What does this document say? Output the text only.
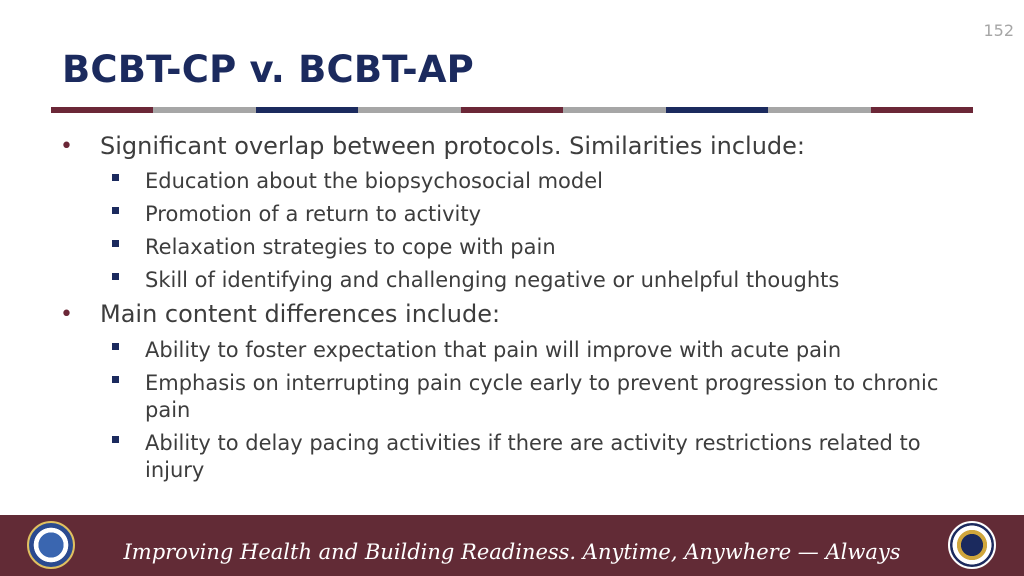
152
BCBT-CP v. BCBT-AP
• Significant overlap between protocols. Similarities include:
Education about the biopsychosocial model
Promotion of a return to activity
Relaxation strategies to cope with pain
Skill of identifying and challenging negative or unhelpful thoughts
• Main content differences include:
Ability to foster expectation that pain will improve with acute pain
Emphasis on interrupting pain cycle early to prevent progression to chronic pain
Ability to delay pacing activities if there are activity restrictions related to injury
Improving Health and Building Readiness. Anytime, Anywhere — Always
